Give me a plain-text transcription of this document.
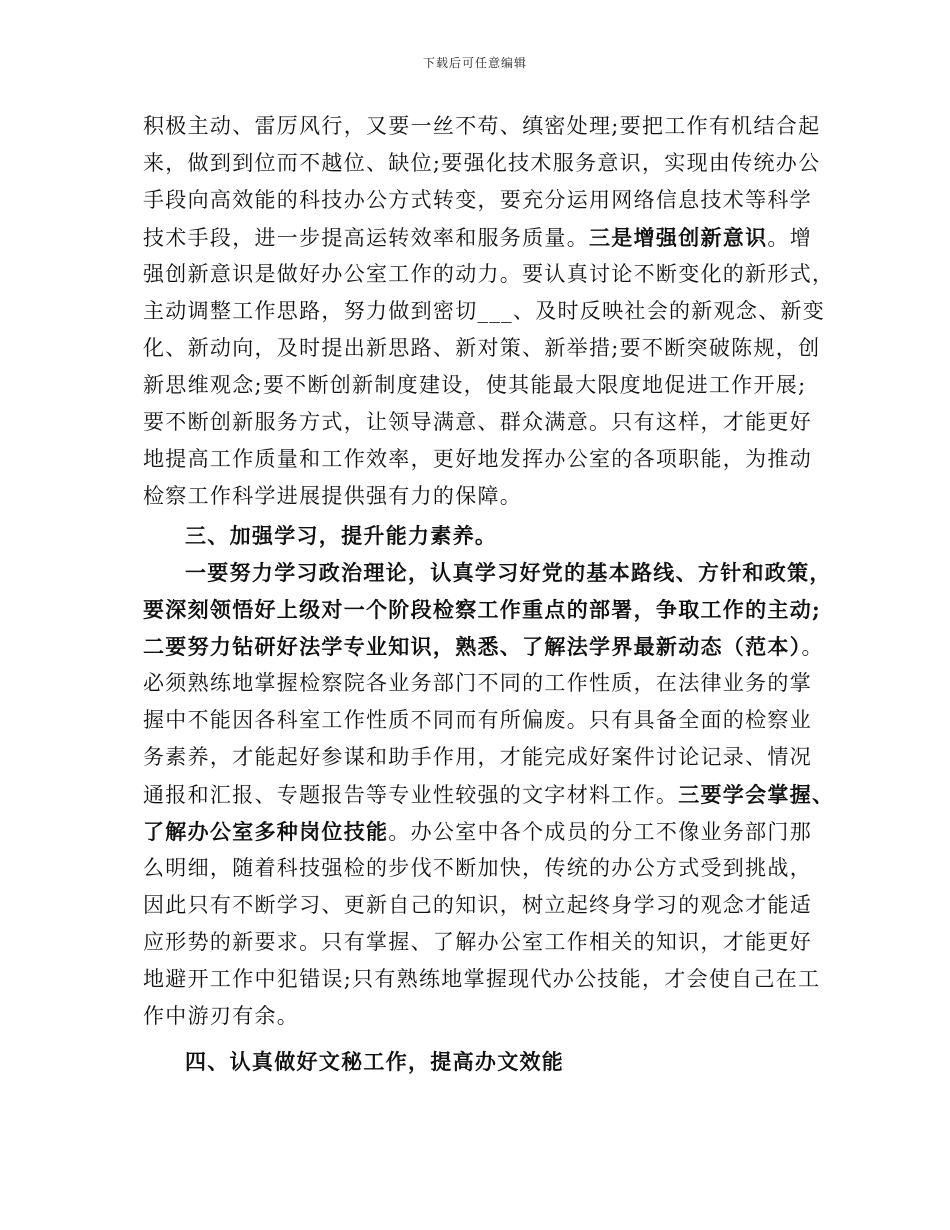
下载后可任意编辑
积极主动、雷厉风行，又要一丝不苟、缜密处理;要把工作有机结合起
来，做到到位而不越位、缺位;要强化技术服务意识，实现由传统办公
手段向高效能的科技办公方式转变，要充分运用网络信息技术等科学
技术手段，进一步提高运转效率和服务质量。三是增强创新意识。增
强创新意识是做好办公室工作的动力。要认真讨论不断变化的新形式，
主动调整工作思路，努力做到密切___、及时反映社会的新观念、新变
化、新动向，及时提出新思路、新对策、新举措;要不断突破陈规，创
新思维观念;要不断创新制度建设，使其能最大限度地促进工作开展;
要不断创新服务方式，让领导满意、群众满意。只有这样，才能更好
地提高工作质量和工作效率，更好地发挥办公室的各项职能，为推动
检察工作科学进展提供强有力的保障。
三、加强学习，提升能力素养。
一要努力学习政治理论，认真学习好党的基本路线、方针和政策，
要深刻领悟好上级对一个阶段检察工作重点的部署，争取工作的主动;
二要努力钻研好法学专业知识，熟悉、了解法学界最新动态（范本）。
必须熟练地掌握检察院各业务部门不同的工作性质，在法律业务的掌
握中不能因各科室工作性质不同而有所偏废。只有具备全面的检察业
务素养，才能起好参谋和助手作用，才能完成好案件讨论记录、情况
通报和汇报、专题报告等专业性较强的文字材料工作。三要学会掌握、
了解办公室多种岗位技能。办公室中各个成员的分工不像业务部门那
么明细，随着科技强检的步伐不断加快，传统的办公方式受到挑战，
因此只有不断学习、更新自己的知识，树立起终身学习的观念才能适
应形势的新要求。只有掌握、了解办公室工作相关的知识，才能更好
地避开工作中犯错误;只有熟练地掌握现代办公技能，才会使自己在工
作中游刃有余。
四、认真做好文秘工作，提高办文效能
